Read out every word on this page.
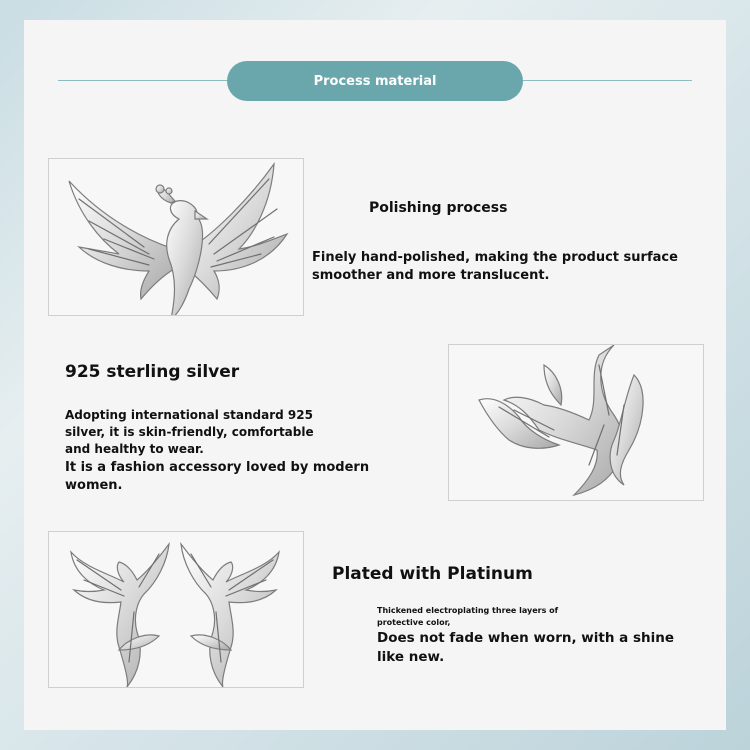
Process material
Polishing process
Finely hand-polished, making the product surface
smoother and more translucent.
925 sterling silver
Adopting international standard 925
silver, it is skin-friendly, comfortable
and healthy to wear.
It is a fashion accessory loved by modern
women.
Plated with Platinum
Thickened electroplating three layers of
protective color,
Does not fade when worn, with a shine
like new.
